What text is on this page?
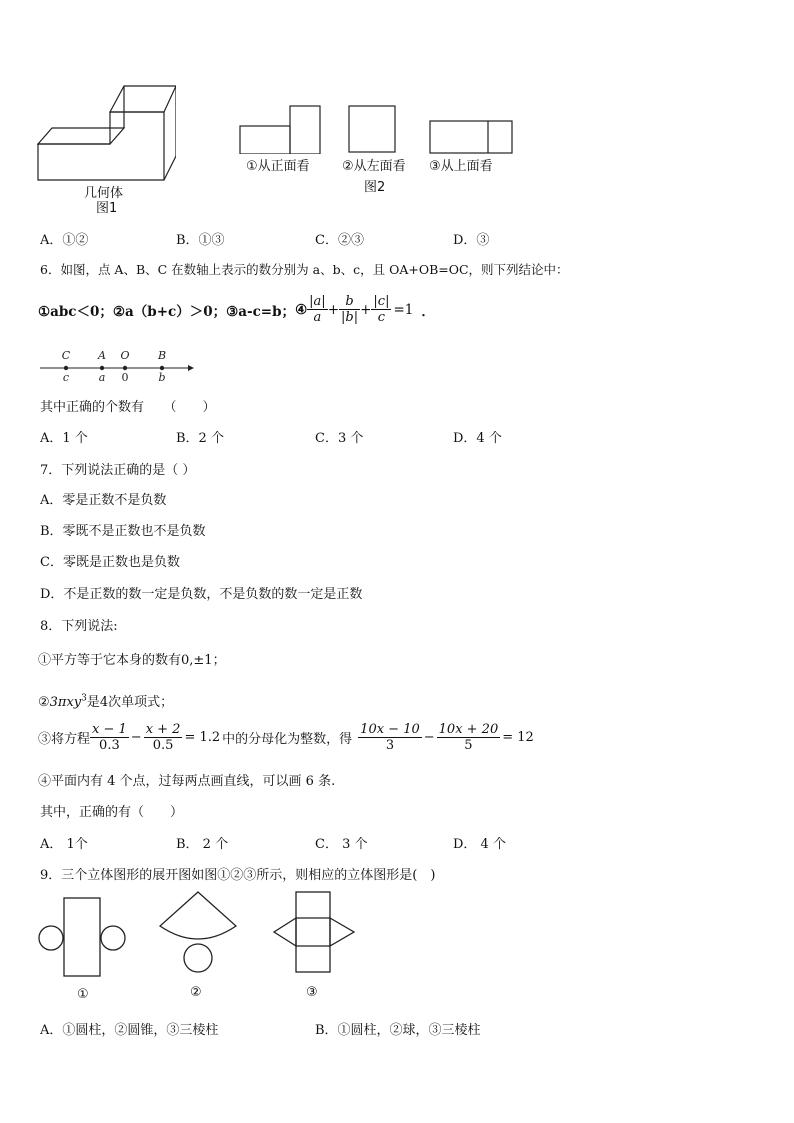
几何体
图1
①从正面看 ②从左面看 ③从上面看
图2
A．①②	B．①③	C．②③	D．③
6．如图，点 A、B、C 在数轴上表示的数分别为 a、b、c，且 OA+OB=OC，则下列结论中：
①abc＜0； ②a（b+c）＞0； ③a-c=b； ④ $\frac{|a|}{a} + \frac{b}{|b|} + \frac{|c|}{c} =1$ ．
C	A O	B
c	a 0	b
其中正确的个数有　　（　　）
A．1 个	B．2 个	C．3 个	D．4 个
7．下列说法正确的是（ ）
A．零是正数不是负数
B．零既不是正数也不是负数
C．零既是正数也是负数
D．不是正数的数一定是负数，不是负数的数一定是正数
8．下列说法:
①平方等于它本身的数有0,±1；
②3πxy$^3$是4次单项式；
③将方程 $\frac{x - 1}{0.3} - \frac{x + 2}{0.5} = 1.2$ 中的分母化为整数，得 $\frac{10x - 10}{3} - \frac{10x + 20}{5} = 12$
④平面内有 4 个点，过每两点画直线，可以画 6 条.
其中，正确的有（　　）
A． 1个	B． 2 个	C． 3 个	D． 4 个
9．三个立体图形的展开图如图①②③所示，则相应的立体图形是(　)
①	②	③
A．①圆柱，②圆锥，③三棱柱	B．①圆柱，②球，③三棱柱
